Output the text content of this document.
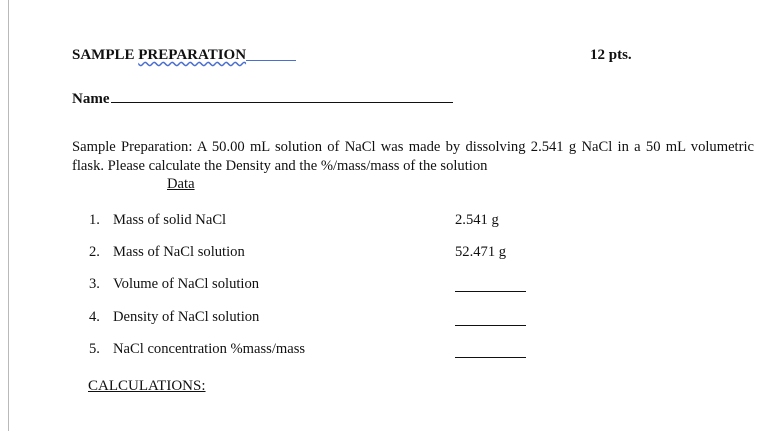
SAMPLE PREPARATION	12 pts.
Name
Sample Preparation: A 50.00 mL solution of NaCl was made by dissolving 2.541 g NaCl in a 50 mL volumetric flask. Please calculate the Density and the %/mass/mass of the solution
Data
1. Mass of solid NaCl	2.541 g
2. Mass of NaCl solution	52.471 g
3. Volume of NaCl solution
4. Density of NaCl solution
5. NaCl concentration %mass/mass
CALCULATIONS:
